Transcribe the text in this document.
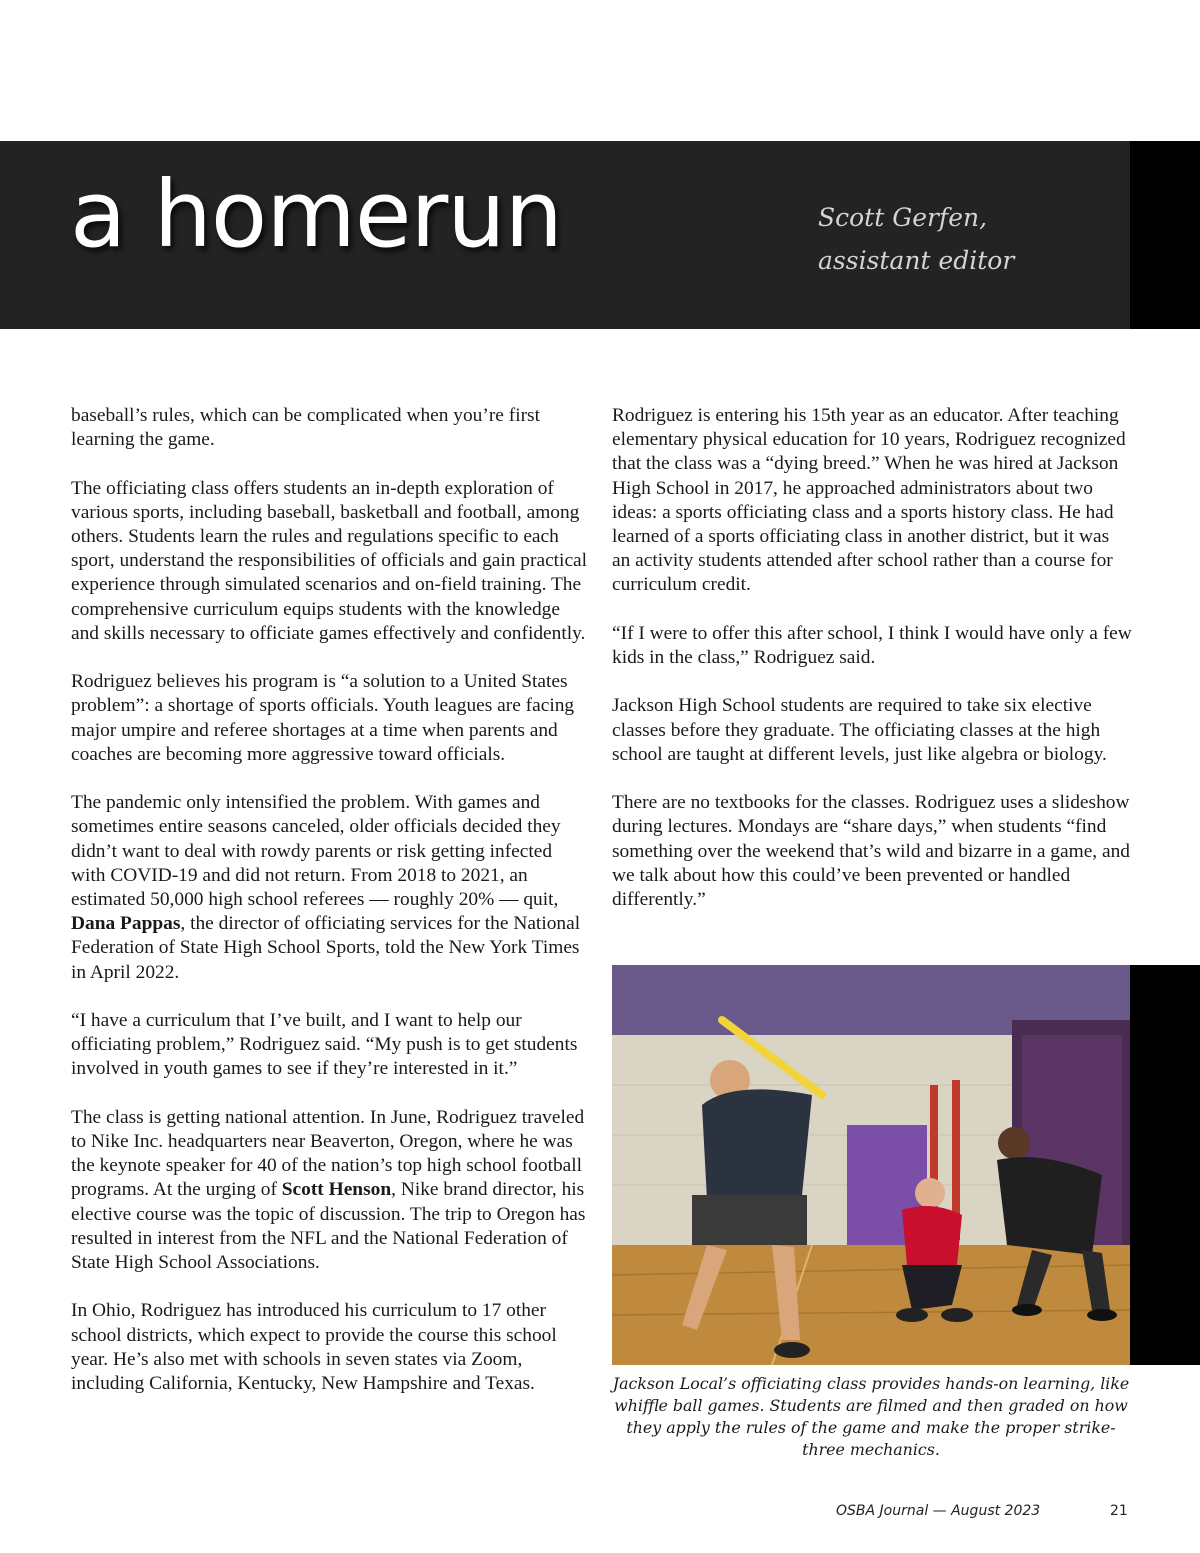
a homerun	Scott Gerfen,
assistant editor

baseball’s rules, which can be complicated when you’re first learning the game.

The officiating class offers students an in-depth exploration of various sports, including baseball, basketball and football, among others. Students learn the rules and regulations specific to each sport, understand the responsibilities of officials and gain practical experience through simulated scenarios and on-field training. The comprehensive curriculum equips students with the knowledge and skills necessary to officiate games effectively and confidently.

Rodriguez believes his program is “a solution to a United States problem”: a shortage of sports officials. Youth leagues are facing major umpire and referee shortages at a time when parents and coaches are becoming more aggressive toward officials.

The pandemic only intensified the problem. With games and sometimes entire seasons canceled, older officials decided they didn’t want to deal with rowdy parents or risk getting infected with COVID-19 and did not return. From 2018 to 2021, an estimated 50,000 high school referees — roughly 20% — quit, Dana Pappas, the director of officiating services for the National Federation of State High School Sports, told the New York Times in April 2022.

“I have a curriculum that I’ve built, and I want to help our officiating problem,” Rodriguez said. “My push is to get students involved in youth games to see if they’re interested in it.”

The class is getting national attention. In June, Rodriguez traveled to Nike Inc. headquarters near Beaverton, Oregon, where he was the keynote speaker for 40 of the nation’s top high school football programs. At the urging of Scott Henson, Nike brand director, his elective course was the topic of discussion. The trip to Oregon has resulted in interest from the NFL and the National Federation of State High School Associations.

In Ohio, Rodriguez has introduced his curriculum to 17 other school districts, which expect to provide the course this school year. He’s also met with schools in seven states via Zoom, including California, Kentucky, New Hampshire and Texas.

Rodriguez is entering his 15th year as an educator. After teaching elementary physical education for 10 years, Rodriguez recognized that the class was a “dying breed.” When he was hired at Jackson High School in 2017, he approached administrators about two ideas: a sports officiating class and a sports history class. He had learned of a sports officiating class in another district, but it was an activity students attended after school rather than a course for curriculum credit.

“If I were to offer this after school, I think I would have only a few kids in the class,” Rodriguez said.

Jackson High School students are required to take six elective classes before they graduate. The officiating classes at the high school are taught at different levels, just like algebra or biology.

There are no textbooks for the classes. Rodriguez uses a slideshow during lectures. Mondays are “share days,” when students “find something over the weekend that’s wild and bizarre in a game, and we talk about how this could’ve been prevented or handled differently.”

Jackson Local’s officiating class provides hands-on learning, like whiffle ball games. Students are filmed and then graded on how they apply the rules of the game and make the proper strike-three mechanics.
OSBA Journal — August 2023	21
